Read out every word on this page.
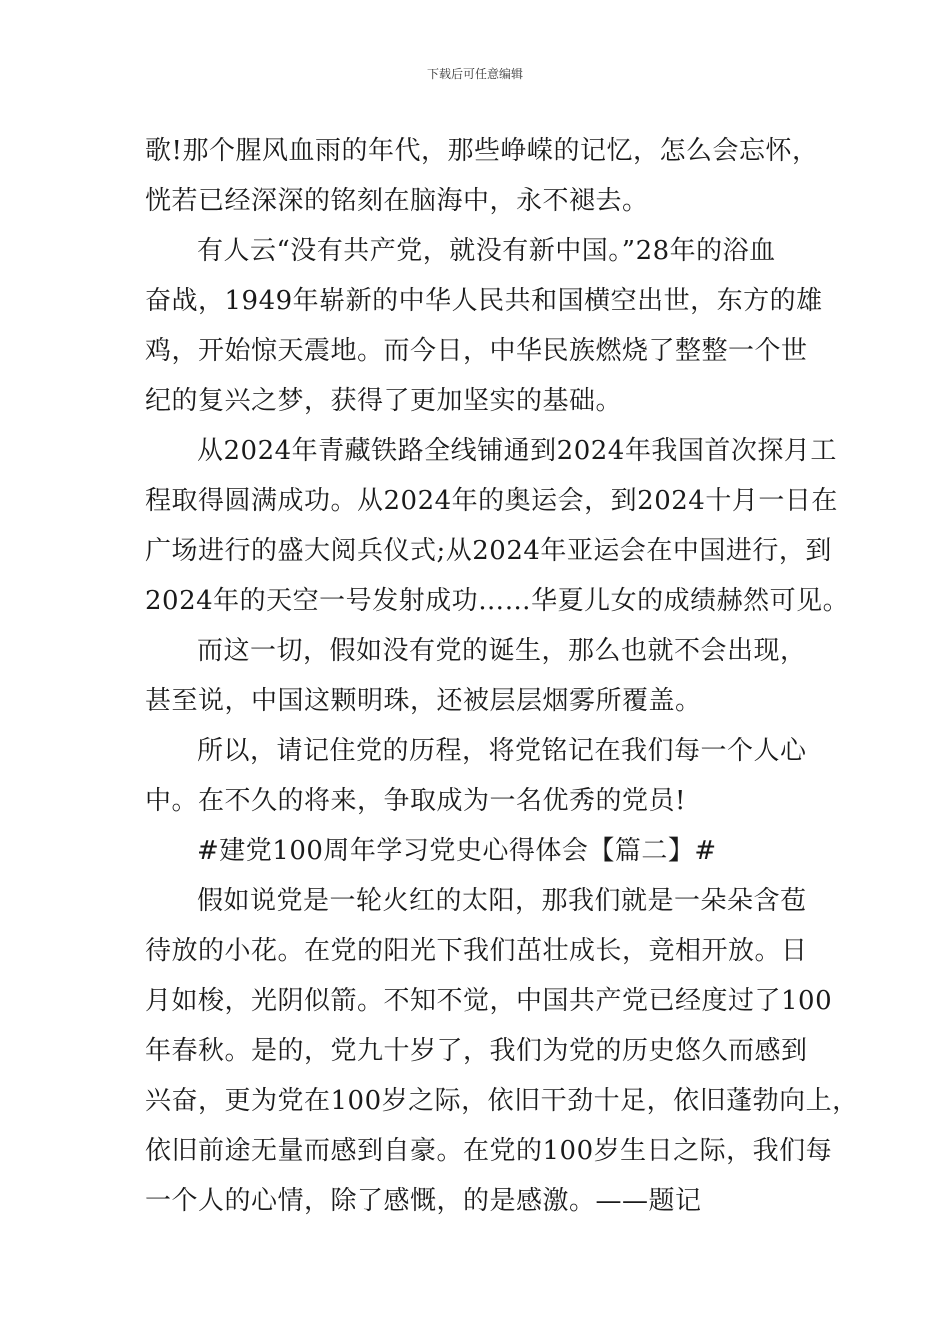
下载后可任意编辑
歌!那个腥风血雨的年代，那些峥嵘的记忆，怎么会忘怀，
恍若已经深深的铭刻在脑海中，永不褪去。
有人云“没有共产党，就没有新中国。”28年的浴血
奋战，1949年崭新的中华人民共和国横空出世，东方的雄
鸡，开始惊天震地。而今日，中华民族燃烧了整整一个世
纪的复兴之梦，获得了更加坚实的基础。
从2024年青藏铁路全线铺通到2024年我国首次探月工
程取得圆满成功。从2024年的奥运会，到2024十月一日在
广场进行的盛大阅兵仪式;从2024年亚运会在中国进行，到
2024年的天空一号发射成功……华夏儿女的成绩赫然可见。
而这一切，假如没有党的诞生，那么也就不会出现，
甚至说，中国这颗明珠，还被层层烟雾所覆盖。
所以，请记住党的历程，将党铭记在我们每一个人心
中。在不久的将来，争取成为一名优秀的党员!
#建党100周年学习党史心得体会【篇二】#
假如说党是一轮火红的太阳，那我们就是一朵朵含苞
待放的小花。在党的阳光下我们茁壮成长，竞相开放。日
月如梭，光阴似箭。不知不觉，中国共产党已经度过了100
年春秋。是的，党九十岁了，我们为党的历史悠久而感到
兴奋，更为党在100岁之际，依旧干劲十足，依旧蓬勃向上，
依旧前途无量而感到自豪。在党的100岁生日之际，我们每
一个人的心情，除了感慨，的是感激。——题记
